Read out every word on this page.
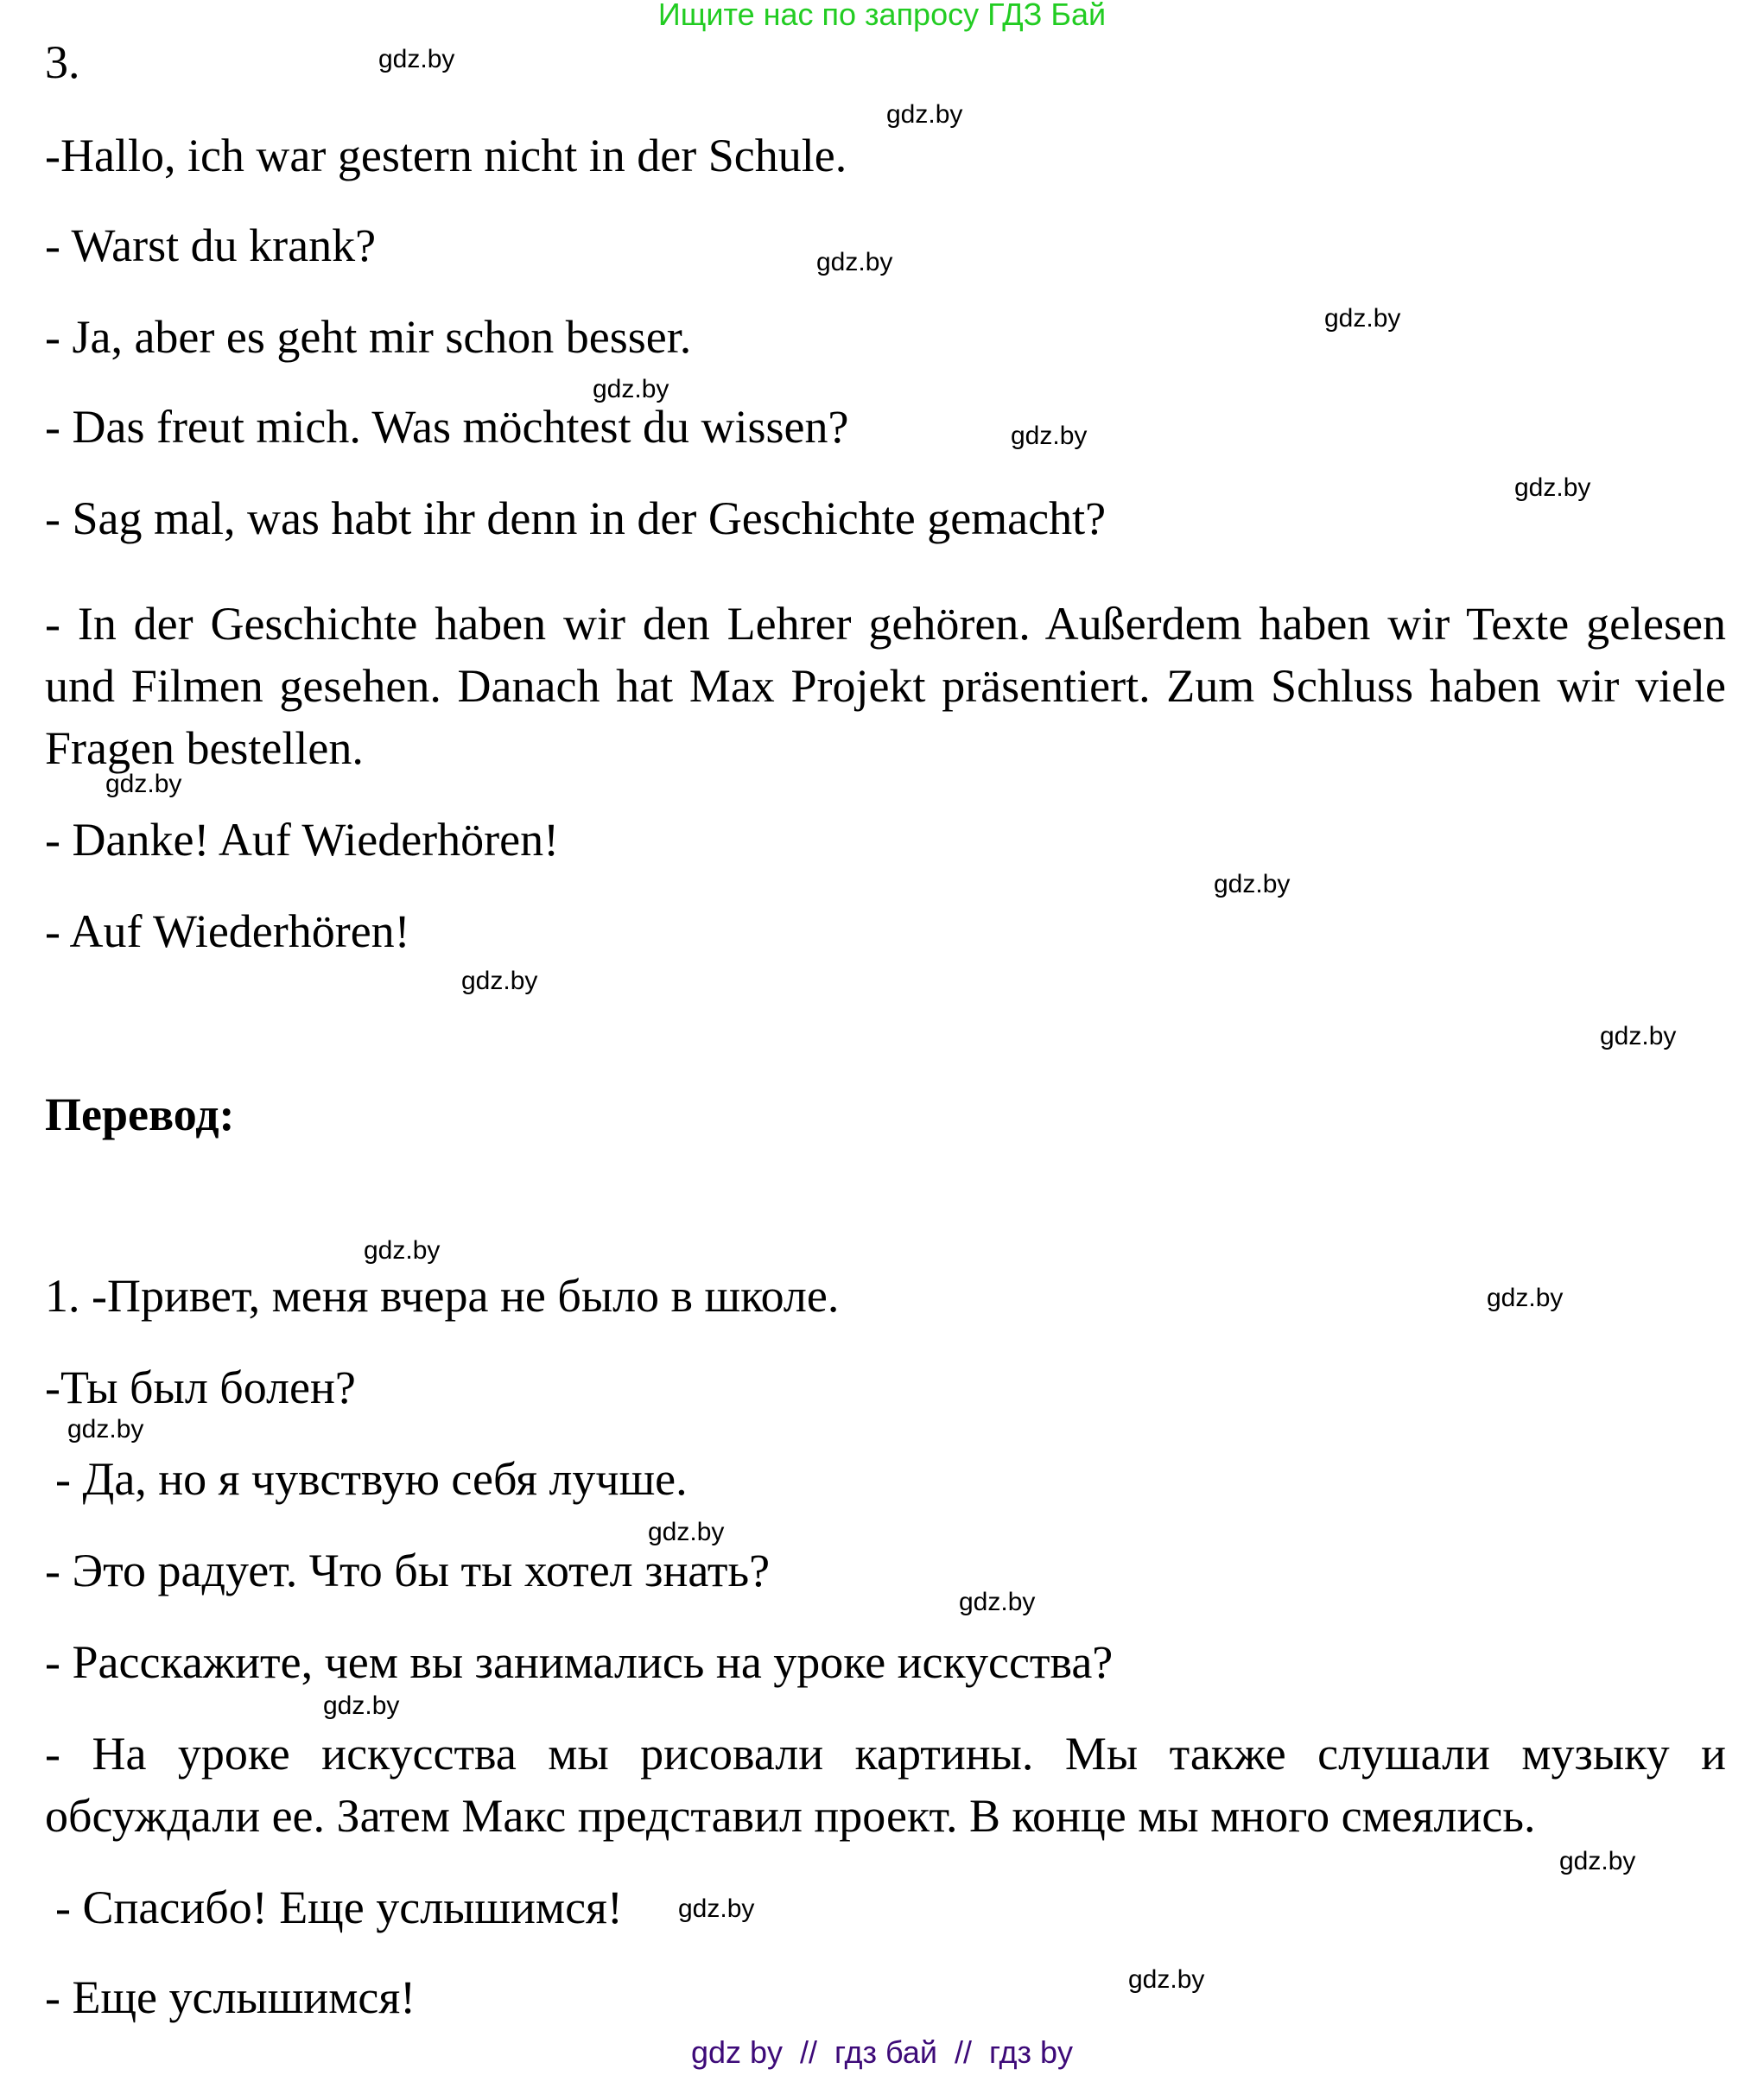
Ищите нас по запросу ГДЗ Бай
3.
-Hallo, ich war gestern nicht in der Schule.
- Warst du krank?
- Ja, aber es geht mir schon besser.
- Das freut mich. Was möchtest du wissen?
- Sag mal, was habt ihr denn in der Geschichte gemacht?
- In der Geschichte haben wir den Lehrer gehören. Außerdem haben wir Texte gelesen und Filmen gesehen. Danach hat Max Projekt präsentiert. Zum Schluss haben wir viele Fragen bestellen.
- Danke! Auf Wiederhören!
- Auf Wiederhören!
Перевод:
1. -Привет, меня вчера не было в школе.
-Ты был болен?
- Да, но я чувствую себя лучше.
- Это радует. Что бы ты хотел знать?
- Расскажите, чем вы занимались на уроке искусства?
- На уроке искусства мы рисовали картины. Мы также слушали музыку и обсуждали ее. Затем Макс представил проект. В конце мы много смеялись.
- Спасибо! Еще услышимся!
- Еще услышимся!
gdz.by
gdz.by
gdz.by
gdz.by
gdz.by
gdz.by
gdz.by
gdz.by
gdz.by
gdz.by
gdz.by
gdz.by
gdz.by
gdz.by
gdz.by
gdz.by
gdz.by
gdz.by
gdz.by
gdz.by
gdz by  //  гдз бай  //  гдз by
